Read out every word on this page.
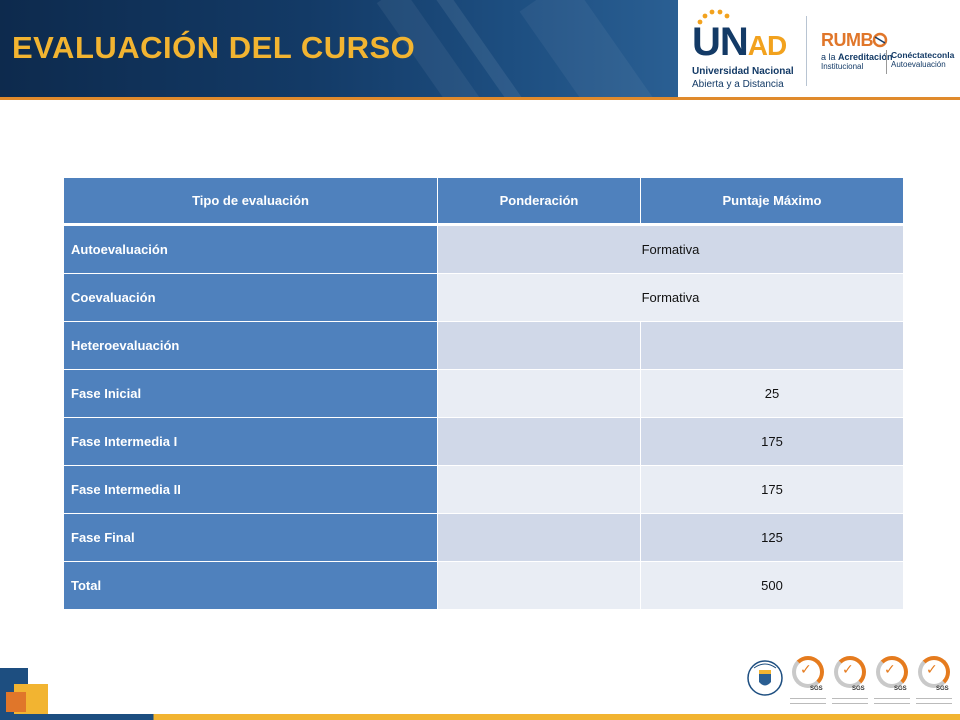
EVALUACIÓN DEL CURSO	UNAD
Universidad Nacional
Abierta y a Distancia
RUMB
a la Acreditación
Institucional
Conéctateconla
Autoevaluación
Tipo de evaluación	Ponderación	Puntaje Máximo
Autoevaluación	Formativa	
Coevaluación	Formativa	
Heteroevaluación		
Fase Inicial		25
Fase Intermedia I		175
Fase Intermedia II		175
Fase Final		125
Total		500
✓
SGS
✓
SGS
✓
SGS
✓
SGS
